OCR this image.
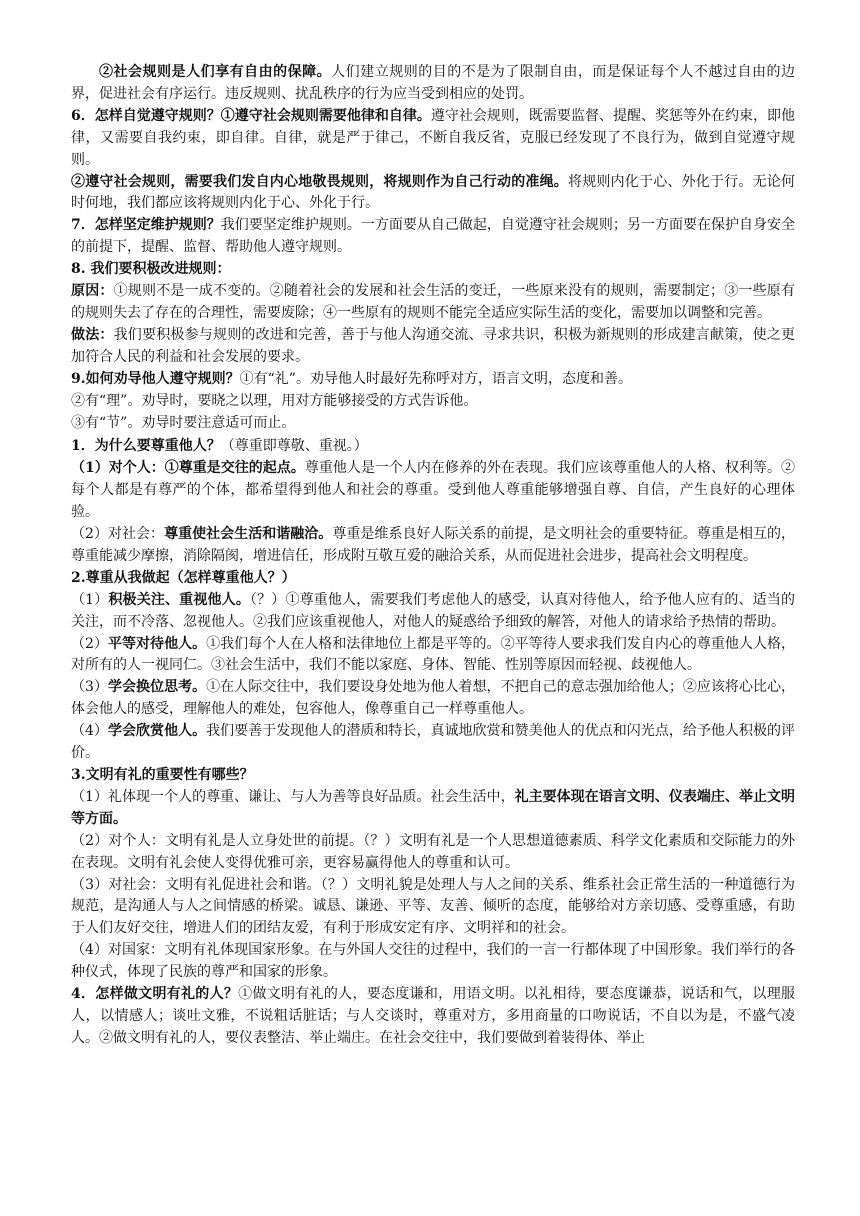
②社会规则是人们享有自由的保障。人们建立规则的目的不是为了限制自由，而是保证每个人不越过自由的边界，促进社会有序运行。违反规则、扰乱秩序的行为应当受到相应的处罚。

6．怎样自觉遵守规则？①遵守社会规则需要他律和自律。遵守社会规则，既需要监督、提醒、奖惩等外在约束，即他律，又需要自我约束，即自律。自律，就是严于律己，不断自我反省，克服已经发现了不良行为，做到自觉遵守规则。

②遵守社会规则，需要我们发自内心地敬畏规则，将规则作为自己行动的准绳。将规则内化于心、外化于行。无论何时何地，我们都应该将规则内化于心、外化于行。

7．怎样坚定维护规则？我们要坚定维护规则。一方面要从自己做起，自觉遵守社会规则；另一方面要在保护自身安全的前提下，提醒、监督、帮助他人遵守规则。

8. 我们要积极改进规则：

原因：①规则不是一成不变的。②随着社会的发展和社会生活的变迁，一些原来没有的规则，需要制定；③一些原有的规则失去了存在的合理性，需要废除；④一些原有的规则不能完全适应实际生活的变化，需要加以调整和完善。

做法：我们要积极参与规则的改进和完善，善于与他人沟通交流、寻求共识，积极为新规则的形成建言献策，使之更加符合人民的利益和社会发展的要求。

9.如何劝导他人遵守规则？①有“礼”。劝导他人时最好先称呼对方，语言文明，态度和善。

②有“理”。劝导时，要晓之以理，用对方能够接受的方式告诉他。

③有“节”。劝导时要注意适可而止。

1．为什么要尊重他人？（尊重即尊敬、重视。）

（1）对个人：①尊重是交往的起点。尊重他人是一个人内在修养的外在表现。我们应该尊重他人的人格、权利等。②每个人都是有尊严的个体，都希望得到他人和社会的尊重。受到他人尊重能够增强自尊、自信，产生良好的心理体验。

（2）对社会：尊重使社会生活和谐融洽。尊重是维系良好人际关系的前提，是文明社会的重要特征。尊重是相互的，尊重能减少摩擦，消除隔阂，增进信任，形成附互敬互爱的融洽关系，从而促进社会进步，提高社会文明程度。

2.尊重从我做起（怎样尊重他人？）

（1）积极关注、重视他人。（？）①尊重他人，需要我们考虑他人的感受，认真对待他人，给予他人应有的、适当的关注，而不冷落、忽视他人。②我们应该重视他人，对他人的疑惑给予细致的解答，对他人的请求给予热情的帮助。

（2）平等对待他人。①我们每个人在人格和法律地位上都是平等的。②平等待人要求我们发自内心的尊重他人人格，对所有的人一视同仁。③社会生活中，我们不能以家庭、身体、智能、性别等原因而轻视、歧视他人。

（3）学会换位思考。①在人际交往中，我们要设身处地为他人着想，不把自己的意志强加给他人；②应该将心比心，体会他人的感受，理解他人的难处，包容他人，像尊重自己一样尊重他人。

（4）学会欣赏他人。我们要善于发现他人的潜质和特长，真诚地欣赏和赞美他人的优点和闪光点，给予他人积极的评价。

3.文明有礼的重要性有哪些？

（1）礼体现一个人的尊重、谦让、与人为善等良好品质。社会生活中，礼主要体现在语言文明、仪表端庄、举止文明等方面。

（2）对个人：文明有礼是人立身处世的前提。（？）文明有礼是一个人思想道德素质、科学文化素质和交际能力的外在表现。文明有礼会使人变得优雅可亲，更容易赢得他人的尊重和认可。

（3）对社会：文明有礼促进社会和谐。（？）文明礼貌是处理人与人之间的关系、维系社会正常生活的一种道德行为规范，是沟通人与人之间情感的桥梁。诚恳、谦逊、平等、友善、倾听的态度，能够给对方亲切感、受尊重感，有助于人们友好交往，增进人们的团结友爱，有利于形成安定有序、文明祥和的社会。

（4）对国家：文明有礼体现国家形象。在与外国人交往的过程中，我们的一言一行都体现了中国形象。我们举行的各种仪式，体现了民族的尊严和国家的形象。

4．怎样做文明有礼的人？①做文明有礼的人，要态度谦和，用语文明。以礼相待，要态度谦恭，说话和气，以理服人，以情感人；谈吐文雅，不说粗话脏话；与人交谈时，尊重对方，多用商量的口吻说话，不自以为是，不盛气凌人。②做文明有礼的人，要仪表整洁、举止端庄。在社会交往中，我们要做到着装得体、举止
